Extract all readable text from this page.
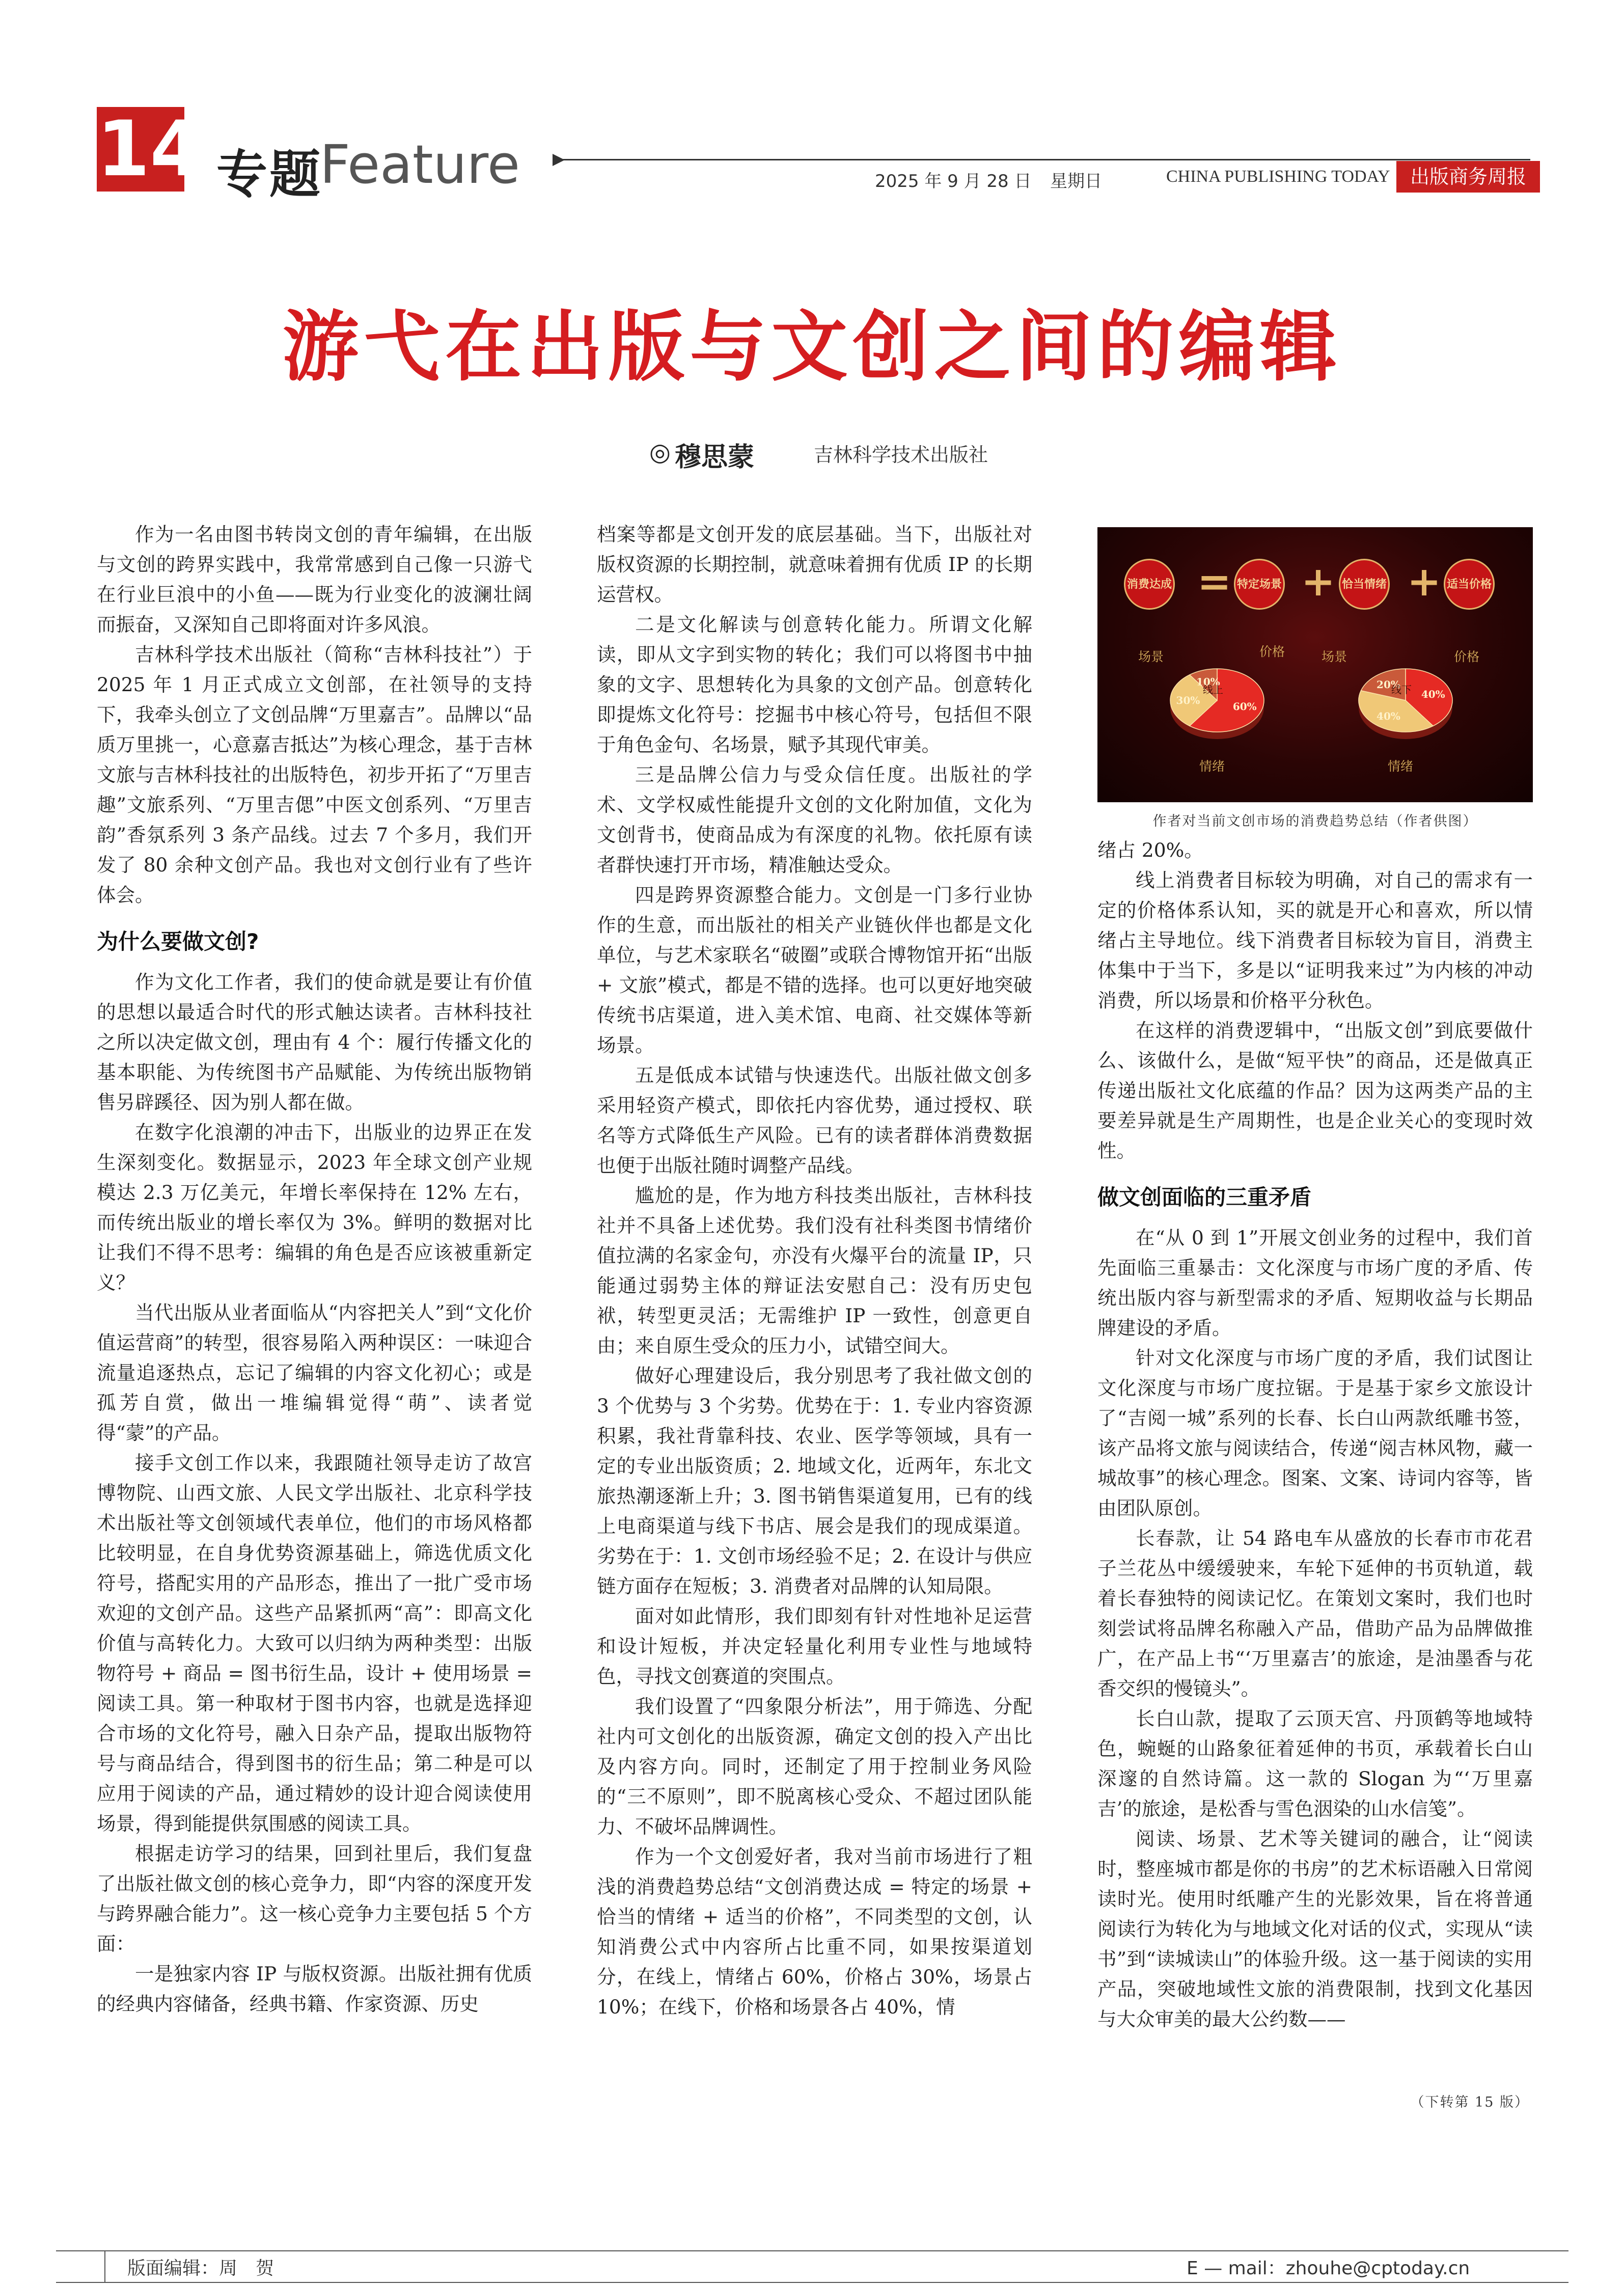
14 专题
Feature	2025 年 9 月 28 日 星期日	CHINA PUBLISHING TODAY	出版商务周报
游弋在出版与文创之间的编辑
◎ 穆思蒙	吉林科学技术出版社

作为一名由图书转岗文创的青年编辑，在出版与文创的跨界实践中，我常常感到自己像一只游弋在行业巨浪中的小鱼——既为行业变化的波澜壮阔而振奋，又深知自己即将面对许多风浪。

吉林科学技术出版社（简称“吉林科技社”）于 2025 年 1 月正式成立文创部，在社领导的支持下，我牵头创立了文创品牌“万里嘉吉”。品牌以“品质万里挑一，心意嘉吉抵达”为核心理念，基于吉林文旅与吉林科技社的出版特色，初步开拓了“万里吉趣”文旅系列、“万里吉偲”中医文创系列、“万里吉韵”香氛系列 3 条产品线。过去 7 个多月，我们开发了 80 余种文创产品。我也对文创行业有了些许体会。

为什么要做文创?

作为文化工作者，我们的使命就是要让有价值的思想以最适合时代的形式触达读者。吉林科技社之所以决定做文创，理由有 4 个：履行传播文化的基本职能、为传统图书产品赋能、为传统出版物销售另辟蹊径、因为别人都在做。

在数字化浪潮的冲击下，出版业的边界正在发生深刻变化。数据显示，2023 年全球文创产业规模达 2.3 万亿美元，年增长率保持在 12% 左右，而传统出版业的增长率仅为 3%。鲜明的数据对比让我们不得不思考：编辑的角色是否应该被重新定义？

当代出版从业者面临从“内容把关人”到“文化价值运营商”的转型，很容易陷入两种误区：一味迎合流量追逐热点，忘记了编辑的内容文化初心；或是孤芳自赏，做出一堆编辑觉得“萌”、读者觉得“蒙”的产品。

接手文创工作以来，我跟随社领导走访了故宫博物院、山西文旅、人民文学出版社、北京科学技术出版社等文创领域代表单位，他们的市场风格都比较明显，在自身优势资源基础上，筛选优质文化符号，搭配实用的产品形态，推出了一批广受市场欢迎的文创产品。这些产品紧抓两“高”：即高文化价值与高转化力。大致可以归纳为两种类型：出版物符号 + 商品 = 图书衍生品，设计 + 使用场景 = 阅读工具。第一种取材于图书内容，也就是选择迎合市场的文化符号，融入日杂产品，提取出版物符号与商品结合，得到图书的衍生品；第二种是可以应用于阅读的产品，通过精妙的设计迎合阅读使用场景，得到能提供氛围感的阅读工具。

根据走访学习的结果，回到社里后，我们复盘了出版社做文创的核心竞争力，即“内容的深度开发与跨界融合能力”。这一核心竞争力主要包括 5 个方面：

一是独家内容 IP 与版权资源。出版社拥有优质的经典内容储备，经典书籍、作家资源、历史

档案等都是文创开发的底层基础。当下，出版社对版权资源的长期控制，就意味着拥有优质 IP 的长期运营权。

二是文化解读与创意转化能力。所谓文化解读，即从文字到实物的转化；我们可以将图书中抽象的文字、思想转化为具象的文创产品。创意转化即提炼文化符号：挖掘书中核心符号，包括但不限于角色金句、名场景，赋予其现代审美。

三是品牌公信力与受众信任度。出版社的学术、文学权威性能提升文创的文化附加值，文化为文创背书，使商品成为有深度的礼物。依托原有读者群快速打开市场，精准触达受众。

四是跨界资源整合能力。文创是一门多行业协作的生意，而出版社的相关产业链伙伴也都是文化单位，与艺术家联名“破圈”或联合博物馆开拓“出版 + 文旅”模式，都是不错的选择。也可以更好地突破传统书店渠道，进入美术馆、电商、社交媒体等新场景。

五是低成本试错与快速迭代。出版社做文创多采用轻资产模式，即依托内容优势，通过授权、联名等方式降低生产风险。已有的读者群体消费数据也便于出版社随时调整产品线。

尴尬的是，作为地方科技类出版社，吉林科技社并不具备上述优势。我们没有社科类图书情绪价值拉满的名家金句，亦没有火爆平台的流量 IP，只能通过弱势主体的辩证法安慰自己：没有历史包袱，转型更灵活；无需维护 IP 一致性，创意更自由；来自原生受众的压力小，试错空间大。

做好心理建设后，我分别思考了我社做文创的 3 个优势与 3 个劣势。优势在于：1. 专业内容资源积累，我社背靠科技、农业、医学等领域，具有一定的专业出版资质；2. 地域文化，近两年，东北文旅热潮逐渐上升；3. 图书销售渠道复用，已有的线上电商渠道与线下书店、展会是我们的现成渠道。劣势在于：1. 文创市场经验不足；2. 在设计与供应链方面存在短板；3. 消费者对品牌的认知局限。

面对如此情形，我们即刻有针对性地补足运营和设计短板，并决定轻量化利用专业性与地域特色，寻找文创赛道的突围点。

我们设置了“四象限分析法”，用于筛选、分配社内可文创化的出版资源，确定文创的投入产出比及内容方向。同时，还制定了用于控制业务风险的“三不原则”，即不脱离核心受众、不超过团队能力、不破坏品牌调性。

作为一个文创爱好者，我对当前市场进行了粗浅的消费趋势总结“文创消费达成 = 特定的场景 + 恰当的情绪 + 适当的价格”，不同类型的文创，认知消费公式中内容所占比重不同，如果按渠道划分，在线上，情绪占 60%，价格占 30%，场景占 10%；在线下，价格和场景各占 40%，情

消费达成 = 特定场景 + 恰当情绪 + 适当价格
场景	价格
情绪
场景	价格
情绪
60%
30%
10%
线上	40%
40%
20%
线下
作者对当前文创市场的消费趋势总结（作者供图）

绪占 20%。

线上消费者目标较为明确，对自己的需求有一定的价格体系认知，买的就是开心和喜欢，所以情绪占主导地位。线下消费者目标较为盲目，消费主体集中于当下，多是以“证明我来过”为内核的冲动消费，所以场景和价格平分秋色。

在这样的消费逻辑中，“出版文创”到底要做什么、该做什么，是做“短平快”的商品，还是做真正传递出版社文化底蕴的作品？因为这两类产品的主要差异就是生产周期性，也是企业关心的变现时效性。

做文创面临的三重矛盾

在“从 0 到 1”开展文创业务的过程中，我们首先面临三重暴击：文化深度与市场广度的矛盾、传统出版内容与新型需求的矛盾、短期收益与长期品牌建设的矛盾。

针对文化深度与市场广度的矛盾，我们试图让文化深度与市场广度拉锯。于是基于家乡文旅设计了“吉阅一城”系列的长春、长白山两款纸雕书签，该产品将文旅与阅读结合，传递“阅吉林风物，藏一城故事”的核心理念。图案、文案、诗词内容等，皆由团队原创。

长春款，让 54 路电车从盛放的长春市市花君子兰花丛中缓缓驶来，车轮下延伸的书页轨道，载着长春独特的阅读记忆。在策划文案时，我们也时刻尝试将品牌名称融入产品，借助产品为品牌做推广，在产品上书“‘万里嘉吉’的旅途，是油墨香与花香交织的慢镜头”。

长白山款，提取了云顶天宫、丹顶鹤等地域特色，蜿蜒的山路象征着延伸的书页，承载着长白山深邃的自然诗篇。这一款的 Slogan 为“‘万里嘉吉’的旅途，是松香与雪色洇染的山水信笺”。

阅读、场景、艺术等关键词的融合，让“阅读时，整座城市都是你的书房”的艺术标语融入日常阅读时光。使用时纸雕产生的光影效果，旨在将普通阅读行为转化为与地域文化对话的仪式，实现从“读书”到“读城读山”的体验升级。这一基于阅读的实用产品，突破地域性文旅的消费限制，找到文化基因与大众审美的最大公约数——

（下转第 15 版）
版面编辑：周　贺	E — mail：zhouhe@cptoday.cn
